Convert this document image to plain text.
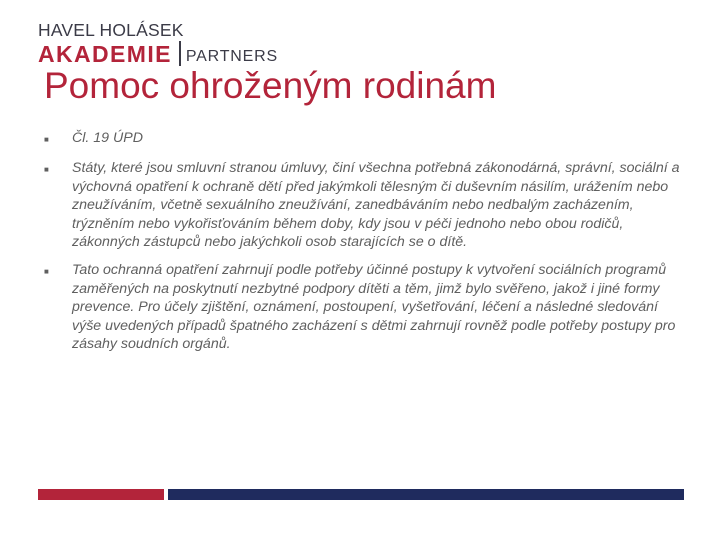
HAVEL HOLÁSEK
AKADEMIE PARTNERS
Pomoc ohroženým rodinám
■	Čl. 19 ÚPD
■	Státy, které jsou smluvní stranou úmluvy, činí všechna potřebná zákonodárná, správní, sociální a výchovná opatření k ochraně dětí před jakýmkoli tělesným či duševním násilím, urážením nebo zneužíváním, včetně sexuálního zneužívání, zanedbáváním nebo nedbalým zacházením, trýzněním nebo vykořisťováním během doby, kdy jsou v péči jednoho nebo obou rodičů, zákonných zástupců nebo jakýchkoli osob starajících se o dítě.
■	Tato ochranná opatření zahrnují podle potřeby účinné postupy k vytvoření sociálních programů zaměřených na poskytnutí nezbytné podpory dítěti a těm, jimž bylo svěřeno, jakož i jiné formy prevence. Pro účely zjištění, oznámení, postoupení, vyšetřování, léčení a následné sledování výše uvedených případů špatného zacházení s dětmi zahrnují rovněž podle potřeby postupy pro zásahy soudních orgánů.
